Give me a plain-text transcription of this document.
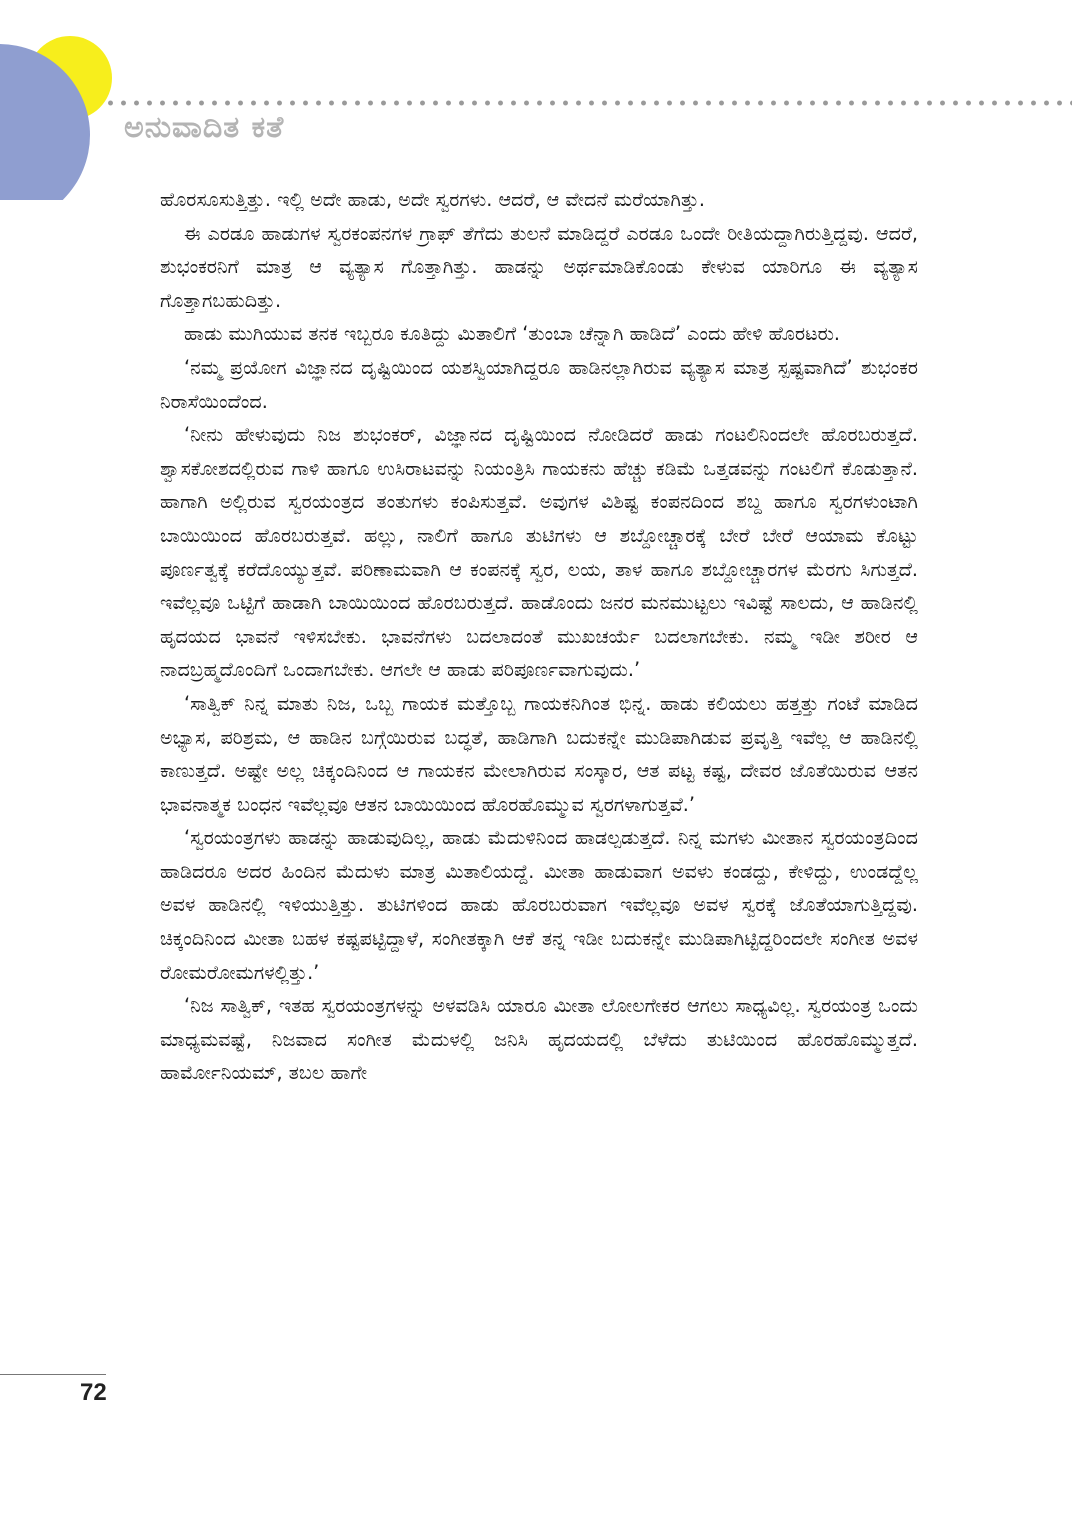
ಅನುವಾದಿತ ಕತೆ

ಹೊರಸೂಸುತ್ತಿತ್ತು. ಇಲ್ಲಿ ಅದೇ ಹಾಡು, ಅದೇ ಸ್ವರಗಳು. ಆದರೆ, ಆ ವೇದನೆ ಮರೆಯಾಗಿತ್ತು.

ಈ ಎರಡೂ ಹಾಡುಗಳ ಸ್ವರಕಂಪನಗಳ ಗ್ರಾಫ್ ತೆಗೆದು ತುಲನೆ ಮಾಡಿದ್ದರೆ ಎರಡೂ ಒಂದೇ ರೀತಿಯದ್ದಾಗಿರುತ್ತಿದ್ದವು. ಆದರೆ, ಶುಭಂಕರನಿಗೆ ಮಾತ್ರ ಆ ವ್ಯತ್ಯಾಸ ಗೊತ್ತಾಗಿತ್ತು. ಹಾಡನ್ನು ಅರ್ಥಮಾಡಿಕೊಂಡು ಕೇಳುವ ಯಾರಿಗೂ ಈ ವ್ಯತ್ಯಾಸ ಗೊತ್ತಾಗಬಹುದಿತ್ತು.

ಹಾಡು ಮುಗಿಯುವ ತನಕ ಇಬ್ಬರೂ ಕೂತಿದ್ದು ಮಿತಾಲಿಗೆ ‘ತುಂಬಾ ಚೆನ್ನಾಗಿ ಹಾಡಿದೆ’ ಎಂದು ಹೇಳಿ ಹೊರಟರು.

‘ನಮ್ಮ ಪ್ರಯೋಗ ವಿಜ್ಞಾನದ ದೃಷ್ಟಿಯಿಂದ ಯಶಸ್ವಿಯಾಗಿದ್ದರೂ ಹಾಡಿನಲ್ಲಾಗಿರುವ ವ್ಯತ್ಯಾಸ ಮಾತ್ರ ಸ್ಪಷ್ಟವಾಗಿದೆ’ ಶುಭಂಕರ ನಿರಾಸೆಯಿಂದೆಂದ.

‘ನೀನು ಹೇಳುವುದು ನಿಜ ಶುಭಂಕರ್, ವಿಜ್ಞಾನದ ದೃಷ್ಟಿಯಿಂದ ನೋಡಿದರೆ ಹಾಡು ಗಂಟಲಿನಿಂದಲೇ ಹೊರಬರುತ್ತದೆ. ಶ್ವಾಸಕೋಶದಲ್ಲಿರುವ ಗಾಳಿ ಹಾಗೂ ಉಸಿರಾಟವನ್ನು ನಿಯಂತ್ರಿಸಿ ಗಾಯಕನು ಹೆಚ್ಚು ಕಡಿಮೆ ಒತ್ತಡವನ್ನು ಗಂಟಲಿಗೆ ಕೊಡುತ್ತಾನೆ. ಹಾಗಾಗಿ ಅಲ್ಲಿರುವ ಸ್ವರಯಂತ್ರದ ತಂತುಗಳು ಕಂಪಿಸುತ್ತವೆ. ಅವುಗಳ ವಿಶಿಷ್ಟ ಕಂಪನದಿಂದ ಶಬ್ದ ಹಾಗೂ ಸ್ವರಗಳುಂಟಾಗಿ ಬಾಯಿಯಿಂದ ಹೊರಬರುತ್ತವೆ. ಹಲ್ಲು, ನಾಲಿಗೆ ಹಾಗೂ ತುಟಿಗಳು ಆ ಶಬ್ದೋಚ್ಚಾರಕ್ಕೆ ಬೇರೆ ಬೇರೆ ಆಯಾಮ ಕೊಟ್ಟು ಪೂರ್ಣತ್ವಕ್ಕೆ ಕರೆದೊಯ್ಯುತ್ತವೆ. ಪರಿಣಾಮವಾಗಿ ಆ ಕಂಪನಕ್ಕೆ ಸ್ವರ, ಲಯ, ತಾಳ ಹಾಗೂ ಶಬ್ದೋಚ್ಚಾರಗಳ ಮೆರಗು ಸಿಗುತ್ತದೆ. ಇವೆಲ್ಲವೂ ಒಟ್ಟಿಗೆ ಹಾಡಾಗಿ ಬಾಯಿಯಿಂದ ಹೊರಬರುತ್ತದೆ. ಹಾಡೊಂದು ಜನರ ಮನಮುಟ್ಟಲು ಇವಿಷ್ಟೆ ಸಾಲದು, ಆ ಹಾಡಿನಲ್ಲಿ ಹೃದಯದ ಭಾವನೆ ಇಳಿಸಬೇಕು. ಭಾವನೆಗಳು ಬದಲಾದಂತೆ ಮುಖಚರ್ಯೆ ಬದಲಾಗಬೇಕು. ನಮ್ಮ ಇಡೀ ಶರೀರ ಆ ನಾದಬ್ರಹ್ಮದೊಂದಿಗೆ ಒಂದಾಗಬೇಕು. ಆಗಲೇ ಆ ಹಾಡು ಪರಿಪೂರ್ಣವಾಗುವುದು.’

‘ಸಾತ್ವಿಕ್ ನಿನ್ನ ಮಾತು ನಿಜ, ಒಬ್ಬ ಗಾಯಕ ಮತ್ತೊಬ್ಬ ಗಾಯಕನಿಗಿಂತ ಭಿನ್ನ. ಹಾಡು ಕಲಿಯಲು ಹತ್ತತ್ತು ಗಂಟೆ ಮಾಡಿದ ಅಭ್ಯಾಸ, ಪರಿಶ್ರಮ, ಆ ಹಾಡಿನ ಬಗ್ಗೆಯಿರುವ ಬದ್ಧತೆ, ಹಾಡಿಗಾಗಿ ಬದುಕನ್ನೇ ಮುಡಿಪಾಗಿಡುವ ಪ್ರವೃತ್ತಿ ಇವೆಲ್ಲ ಆ ಹಾಡಿನಲ್ಲಿ ಕಾಣುತ್ತದೆ. ಅಷ್ಟೇ ಅಲ್ಲ ಚಿಕ್ಕಂದಿನಿಂದ ಆ ಗಾಯಕನ ಮೇಲಾಗಿರುವ ಸಂಸ್ಕಾರ, ಆತ ಪಟ್ಟ ಕಷ್ಟ, ದೇವರ ಜೊತೆಯಿರುವ ಆತನ ಭಾವನಾತ್ಮಕ ಬಂಧನ ಇವೆಲ್ಲವೂ ಆತನ ಬಾಯಿಯಿಂದ ಹೊರಹೊಮ್ಮುವ ಸ್ವರಗಳಾಗುತ್ತವೆ.’

‘ಸ್ವರಯಂತ್ರಗಳು ಹಾಡನ್ನು ಹಾಡುವುದಿಲ್ಲ, ಹಾಡು ಮೆದುಳಿನಿಂದ ಹಾಡಲ್ಪಡುತ್ತದೆ. ನಿನ್ನ ಮಗಳು ಮೀತಾನ ಸ್ವರಯಂತ್ರದಿಂದ ಹಾಡಿದರೂ ಅದರ ಹಿಂದಿನ ಮೆದುಳು ಮಾತ್ರ ಮಿತಾಲಿಯದ್ದೆ. ಮೀತಾ ಹಾಡುವಾಗ ಅವಳು ಕಂಡದ್ದು, ಕೇಳಿದ್ದು, ಉಂಡದ್ದೆಲ್ಲ ಅವಳ ಹಾಡಿನಲ್ಲಿ ಇಳಿಯುತ್ತಿತ್ತು. ತುಟಿಗಳಿಂದ ಹಾಡು ಹೊರಬರುವಾಗ ಇವೆಲ್ಲವೂ ಅವಳ ಸ್ವರಕ್ಕೆ ಜೊತೆಯಾಗುತ್ತಿದ್ದವು. ಚಿಕ್ಕಂದಿನಿಂದ ಮೀತಾ ಬಹಳ ಕಷ್ಟಪಟ್ಟಿದ್ದಾಳೆ, ಸಂಗೀತಕ್ಕಾಗಿ ಆಕೆ ತನ್ನ ಇಡೀ ಬದುಕನ್ನೇ ಮುಡಿಪಾಗಿಟ್ಟಿದ್ದರಿಂದಲೇ ಸಂಗೀತ ಅವಳ ರೋಮರೋಮಗಳಲ್ಲಿತ್ತು.’

‘ನಿಜ ಸಾತ್ವಿಕ್, ಇತಹ ಸ್ವರಯಂತ್ರಗಳನ್ನು ಅಳವಡಿಸಿ ಯಾರೂ ಮೀತಾ ಲೋಲಗೇಕರ ಆಗಲು ಸಾಧ್ಯವಿಲ್ಲ. ಸ್ವರಯಂತ್ರ ಒಂದು ಮಾಧ್ಯಮವಷ್ಟೆ, ನಿಜವಾದ ಸಂಗೀತ ಮೆದುಳಲ್ಲಿ ಜನಿಸಿ ಹೃದಯದಲ್ಲಿ ಬೆಳೆದು ತುಟಿಯಿಂದ ಹೊರಹೊಮ್ಮುತ್ತದೆ. ಹಾರ್ಮೋನಿಯಮ್, ತಬಲ ಹಾಗೇ

72
